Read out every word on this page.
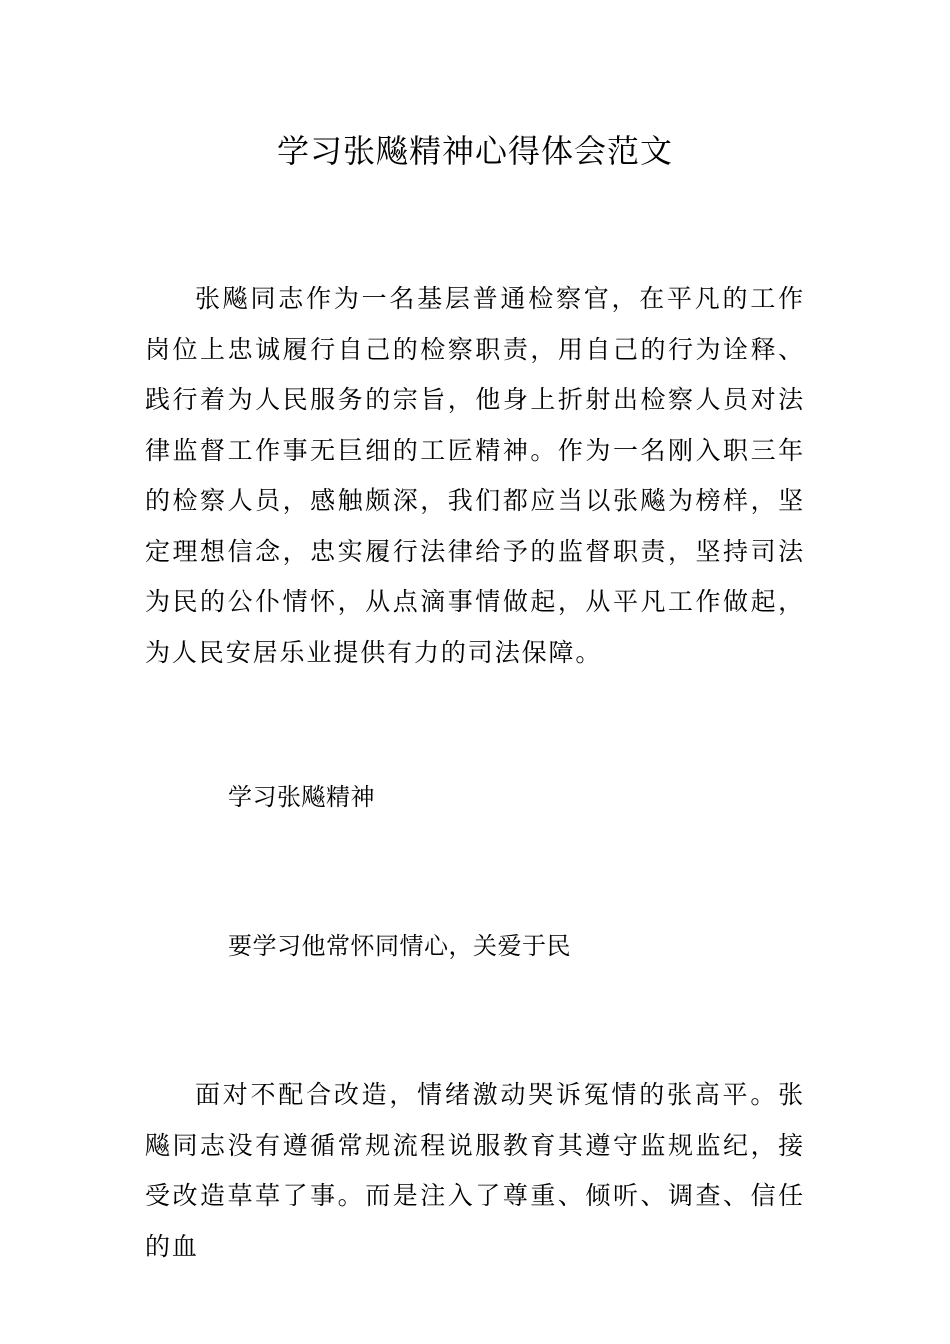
学习张飚精神心得体会范文

张飚同志作为一名基层普通检察官，在平凡的工作岗位上忠诚履行自己的检察职责，用自己的行为诠释、践行着为人民服务的宗旨，他身上折射出检察人员对法律监督工作事无巨细的工匠精神。作为一名刚入职三年的检察人员，感触颇深，我们都应当以张飚为榜样，坚定理想信念，忠实履行法律给予的监督职责，坚持司法为民的公仆情怀，从点滴事情做起，从平凡工作做起，为人民安居乐业提供有力的司法保障。

学习张飚精神
要学习他常怀同情心，关爱于民

面对不配合改造，情绪激动哭诉冤情的张高平。张飚同志没有遵循常规流程说服教育其遵守监规监纪，接受改造草草了事。而是注入了尊重、倾听、调查、信任的血
